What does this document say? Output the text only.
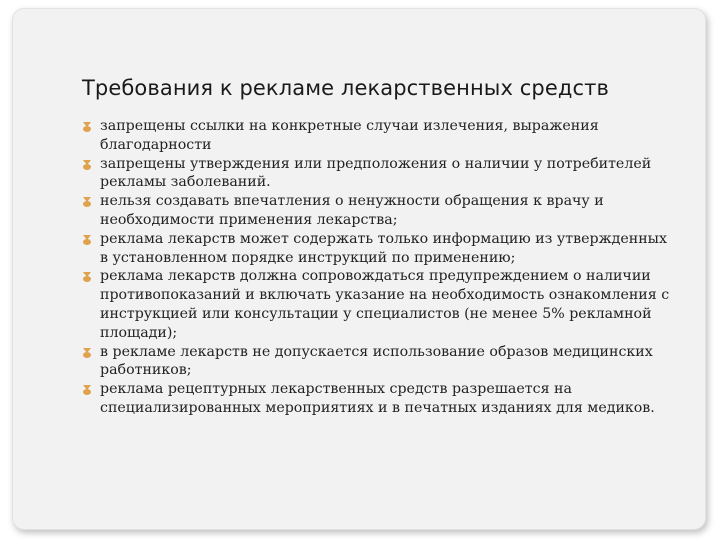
Требования к рекламе лекарственных средств
запрещены ссылки на конкретные случаи излечения, выражения благодарности
запрещены утверждения или предположения о наличии у потребителей рекламы заболеваний.
нельзя создавать впечатления о ненужности обращения к врачу и необходимости применения лекарства;
реклама лекарств может содержать только информацию из утвержденных в установленном порядке инструкций по применению;
реклама лекарств должна сопровождаться предупреждением о наличии противопоказаний и включать указание на необходимость ознакомления с инструкцией или консультации у специалистов (не менее 5% рекламной площади);
в рекламе лекарств не допускается использование образов медицинских работников;
реклама рецептурных лекарственных средств разрешается на специализированных мероприятиях и в печатных изданиях для медиков.
